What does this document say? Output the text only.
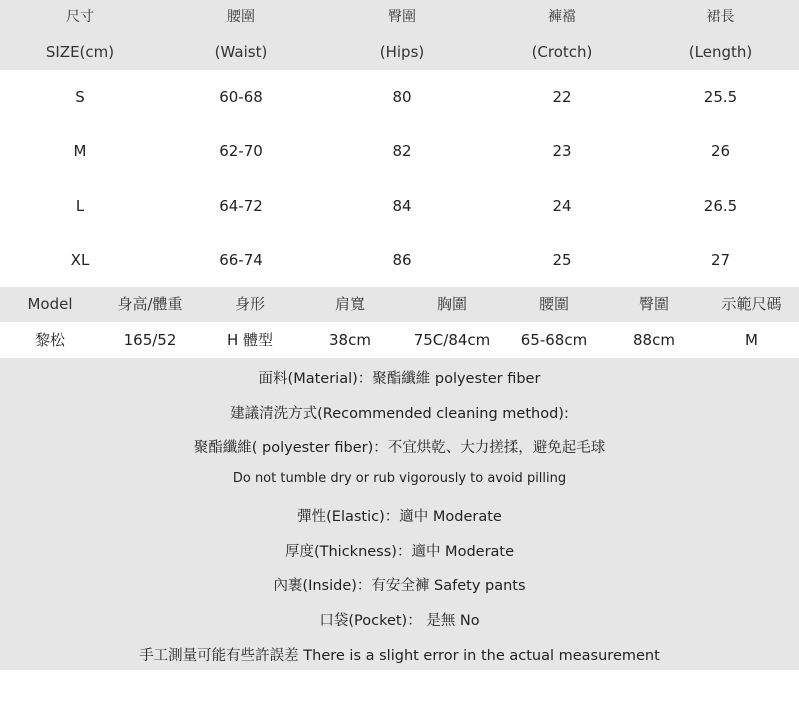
尺寸	腰圍	臀圍	褲襠	裙長
SIZE(cm)	(Waist)	(Hips)	(Crotch)	(Length)
S	60-68	80	22	25.5
M	62-70	82	23	26
L	64-72	84	24	26.5
XL	66-74	86	25	27
Model	身高/體重	身形	肩寬	胸圍	腰圍	臀圍	示範尺碼
黎松	165/52	H 體型	38cm	75C/84cm	65-68cm	88cm	M
面料(Material)：聚酯纖維 polyester fiber
建議清洗方式(Recommended cleaning method):
聚酯纖維( polyester fiber)：不宜烘乾、大力搓揉，避免起毛球
Do not tumble dry or rub vigorously to avoid pilling
彈性(Elastic)：適中 Moderate
厚度(Thickness)：適中 Moderate
內裹(Inside)：有安全褲 Safety pants
口袋(Pocket)： 是無 No
手工測量可能有些許誤差 There is a slight error in the actual measurement
